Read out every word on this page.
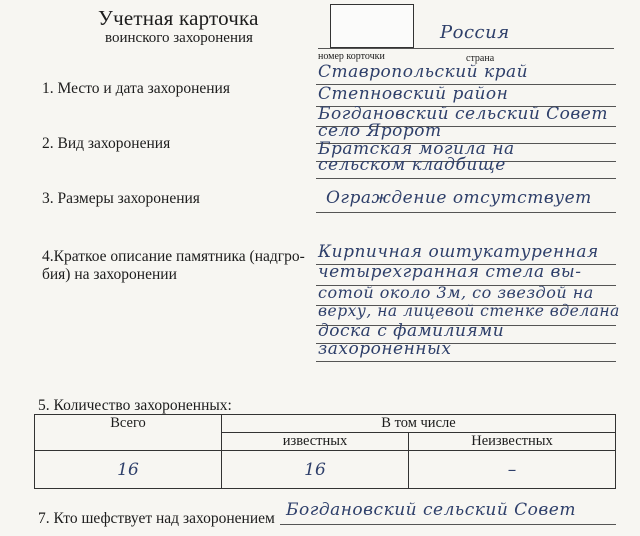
Учетная карточка
воинского захоронения
номер корточки	страна
Россия
1. Место и дата захоронения
Ставропольский край
Степновский район
Богдановский сельский Совет
село Яророт
2. Вид захоронения	Братская могила на
сельском кладбище
3. Размеры захоронения	Ограждение отсутствует
4.Краткое описание памятника (надгро-
бия) на захоронении
Кирпичная оштукатуренная
четырехгранная стела вы-
сотой около 3м, со звездой на
верху, на лицевой стенке вделана
доска с фамилиями
захороненных
5. Количество захороненных:
Всего	В том числе	
	известных	Неизвестных
16	16	–
7. Кто шефствует над захоронением Богдановский сельский Совет
